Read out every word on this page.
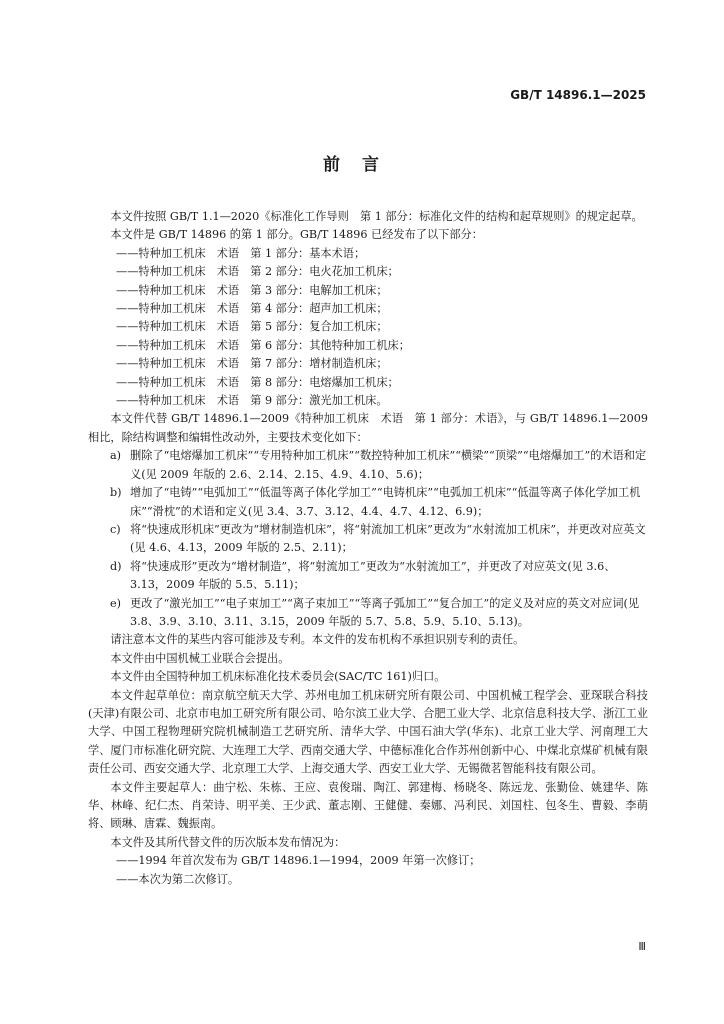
GB/T 14896.1—2025
前言

本文件按照 GB/T 1.1—2020《标准化工作导则　第 1 部分：标准化文件的结构和起草规则》的规定起草。

本文件是 GB/T 14896 的第 1 部分。GB/T 14896 已经发布了以下部分：

——特种加工机床　术语　第 1 部分：基本术语；

——特种加工机床　术语　第 2 部分：电火花加工机床；

——特种加工机床　术语　第 3 部分：电解加工机床；

——特种加工机床　术语　第 4 部分：超声加工机床；

——特种加工机床　术语　第 5 部分：复合加工机床；

——特种加工机床　术语　第 6 部分：其他特种加工机床；

——特种加工机床　术语　第 7 部分：增材制造机床；

——特种加工机床　术语　第 8 部分：电熔爆加工机床；

——特种加工机床　术语　第 9 部分：激光加工机床。

本文件代替 GB/T 14896.1—2009《特种加工机床　术语　第 1 部分：术语》，与 GB/T 14896.1—2009 相比，除结构调整和编辑性改动外，主要技术变化如下：

a) 删除了“电熔爆加工机床”“专用特种加工机床”“数控特种加工机床”“横梁”“顶梁”“电熔爆加工”的术语和定义(见 2009 年版的 2.6、2.14、2.15、4.9、4.10、5.6)；
b) 增加了“电铸”“电弧加工”“低温等离子体化学加工”“电铸机床”“电弧加工机床”“低温等离子体化学加工机床”“滑枕”的术语和定义(见 3.4、3.7、3.12、4.4、4.7、4.12、6.9)；
c) 将“快速成形机床”更改为“增材制造机床”，将“射流加工机床”更改为“水射流加工机床”，并更改对应英文(见 4.6、4.13，2009 年版的 2.5、2.11)；
d) 将“快速成形”更改为“增材制造”，将“射流加工”更改为“水射流加工”，并更改了对应英文(见 3.6、3.13，2009 年版的 5.5、5.11)；
e) 更改了“激光加工”“电子束加工”“离子束加工”“等离子弧加工”“复合加工”的定义及对应的英文对应词(见 3.8、3.9、3.10、3.11、3.15，2009 年版的 5.7、5.8、5.9、5.10、5.13)。

请注意本文件的某些内容可能涉及专利。本文件的发布机构不承担识别专利的责任。

本文件由中国机械工业联合会提出。

本文件由全国特种加工机床标准化技术委员会(SAC/TC 161)归口。

本文件起草单位：南京航空航天大学、苏州电加工机床研究所有限公司、中国机械工程学会、亚琛联合科技(天津)有限公司、北京市电加工研究所有限公司、哈尔滨工业大学、合肥工业大学、北京信息科技大学、浙江工业大学、中国工程物理研究院机械制造工艺研究所、清华大学、中国石油大学(华东)、北京工业大学、河南理工大学、厦门市标准化研究院、大连理工大学、西南交通大学、中德标准化合作苏州创新中心、中煤北京煤矿机械有限责任公司、西安交通大学、北京理工大学、上海交通大学、西安工业大学、无锡微茗智能科技有限公司。

本文件主要起草人：曲宁松、朱栋、王应、袁俊瑞、陶江、郭建梅、杨晓冬、陈远龙、张勤俭、姚建华、陈华、林峰、纪仁杰、肖荣诗、明平美、王少武、董志刚、王健健、秦娜、冯利民、刘国柱、包冬生、曹毅、李萌将、顾琳、唐霖、魏振南。

本文件及其所代替文件的历次版本发布情况为：

——1994 年首次发布为 GB/T 14896.1—1994，2009 年第一次修订；

——本次为第二次修订。

Ⅲ
